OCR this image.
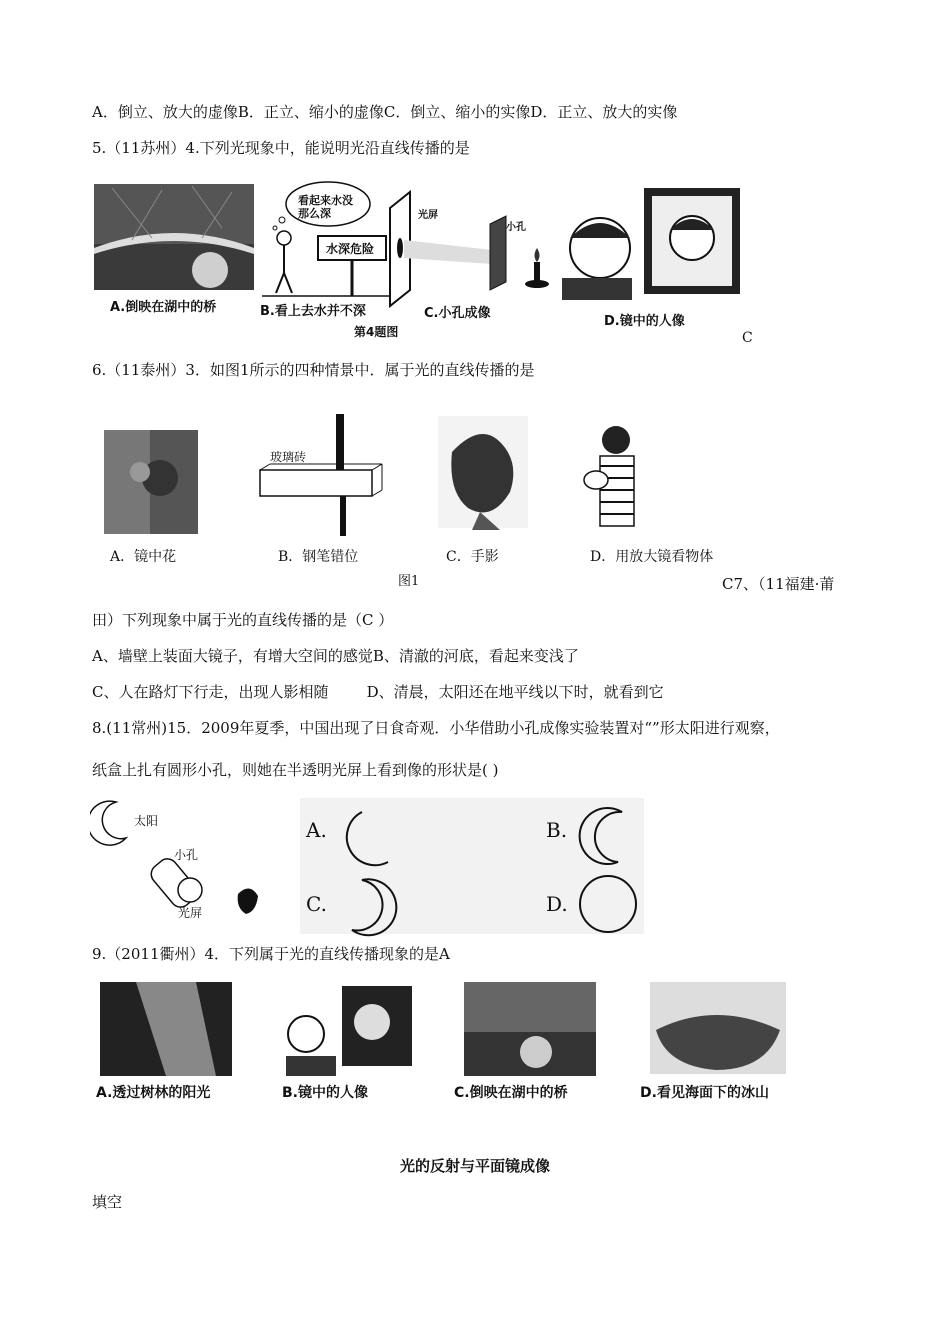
A．倒立、放大的虚像B．正立、缩小的虚像C．倒立、缩小的实像D．正立、放大的实像
5.（11苏州）4.下列光现象中，能说明光沿直线传播的是
A.倒映在湖中的桥	B.看上去水并不深	C.小孔成像
D.镜中的人像
第4题图
看起来水没那么深
水深危险
光屏
小孔
C
6.（11泰州）3．如图1所示的四种情景中．属于光的直线传播的是
玻璃砖
A．镜中花	B．钢笔错位	C．手影	D．用放大镜看物体
图1	C7、（11福建·莆
田）下列现象中属于光的直线传播的是（C ）
A、墙壁上装面大镜子，有增大空间的感觉B、清澈的河底，看起来变浅了
C、人在路灯下行走，出现人影相随        D、清晨，太阳还在地平线以下时，就看到它
8.(11常州)15．2009年夏季，中国出现了日食奇观．小华借助小孔成像实验装置对“”形太阳进行观察，
纸盒上扎有圆形小孔，则她在半透明光屏上看到像的形状是( )
太阳
小孔
光屏
A.	B.
C.	D.
9.（2011衢州）4．下列属于光的直线传播现象的是A
A.透过树林的阳光	B.镜中的人像	C.倒映在湖中的桥	D.看见海面下的冰山
光的反射与平面镜成像
填空
